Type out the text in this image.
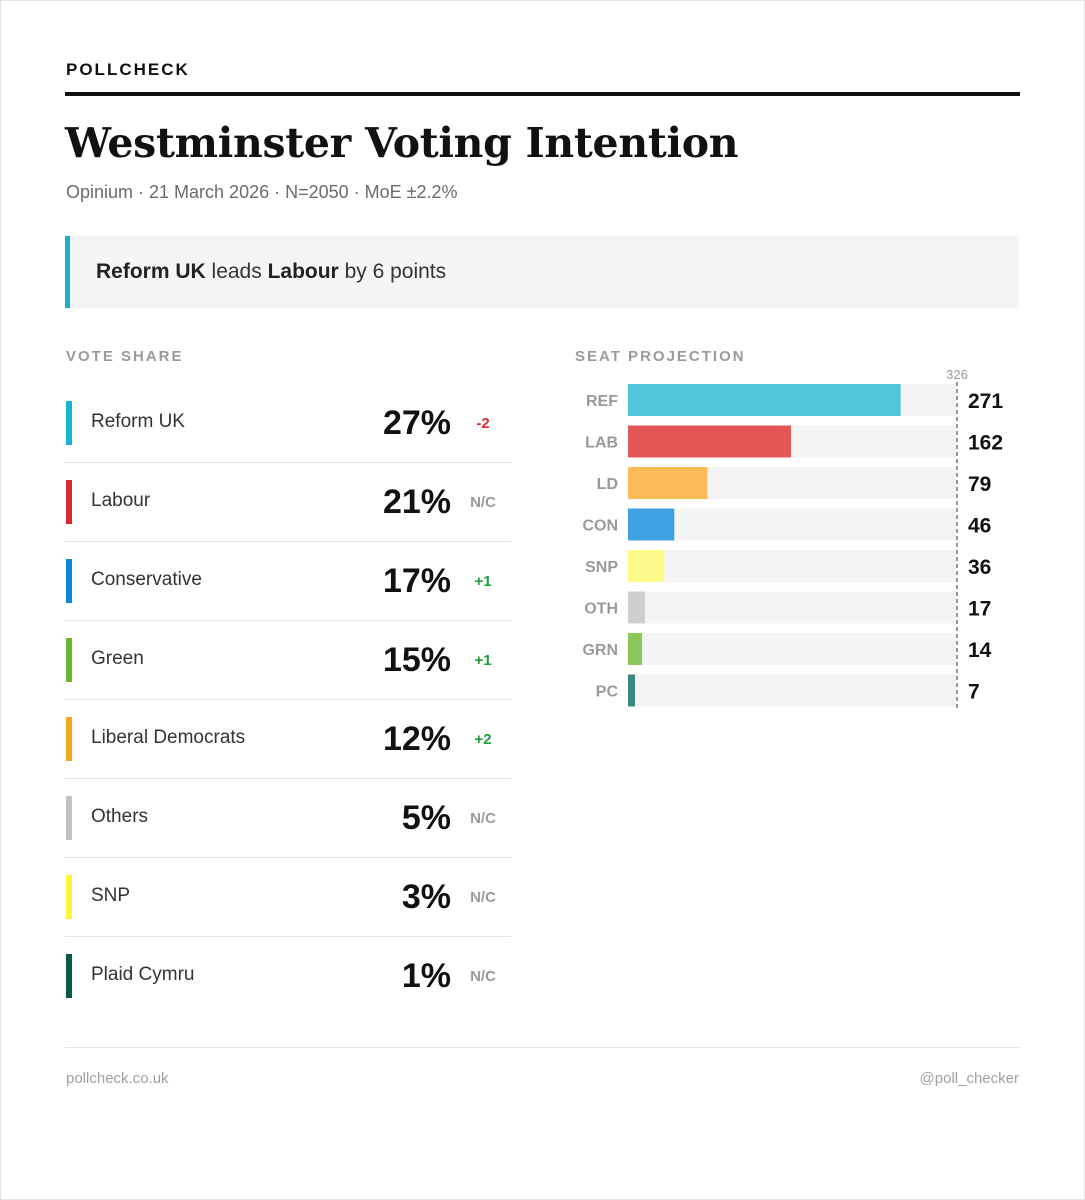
POLLCHECK
Westminster Voting Intention
Opinium · 21 March 2026 · N=2050 · MoE ±2.2%
Reform UK leads Labour by 6 points
VOTE SHARE	SEAT PROJECTION
Reform UK	27%	-2
Labour	21%	N/C
Conservative	17%	+1
Green	15%	+1
Liberal Democrats	12%	+2
Others	5%	N/C
SNP	3%	N/C
Plaid Cymru	1%	N/C
REF	271
LAB	162
LD	79
CON	46
SNP	36
OTH	17
GRN	14
PC	7
326
pollcheck.co.uk	@poll_checker
